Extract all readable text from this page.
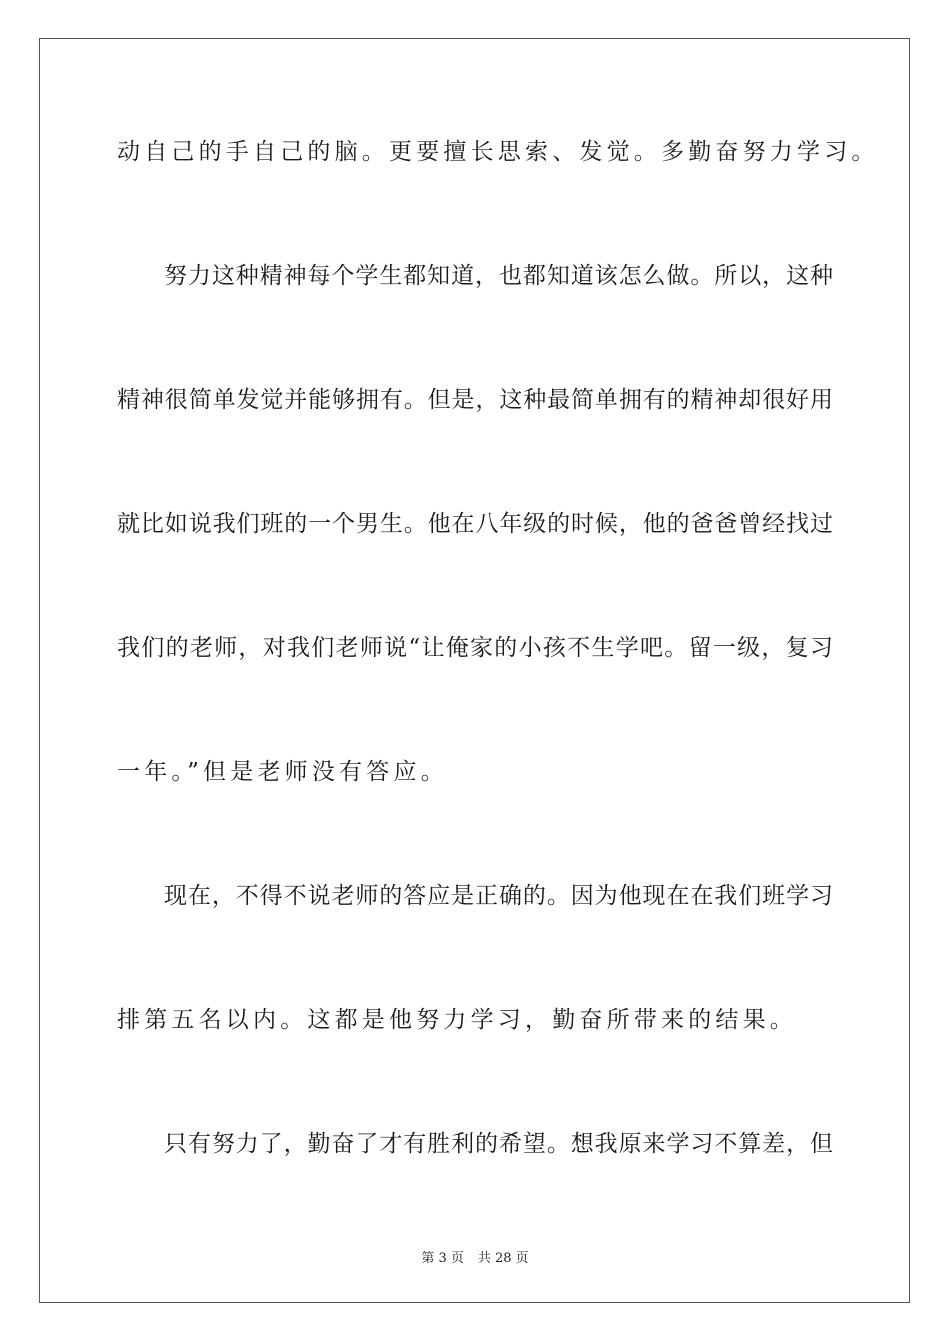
动自己的手自己的脑。更要擅长思索、发觉。多勤奋努力学习。
努力这种精神每个学生都知道，也都知道该怎么做。所以，这种
精神很简单发觉并能够拥有。但是，这种最简单拥有的精神却很好用
就比如说我们班的一个男生。他在八年级的时候，他的爸爸曾经找过
我们的老师，对我们老师说“让俺家的小孩不生学吧。留一级，复习
一年。”但是老师没有答应。
现在，不得不说老师的答应是正确的。因为他现在在我们班学习
排第五名以内。这都是他努力学习，勤奋所带来的结果。
只有努力了，勤奋了才有胜利的希望。想我原来学习不算差，但
第 3 页 共 28 页
